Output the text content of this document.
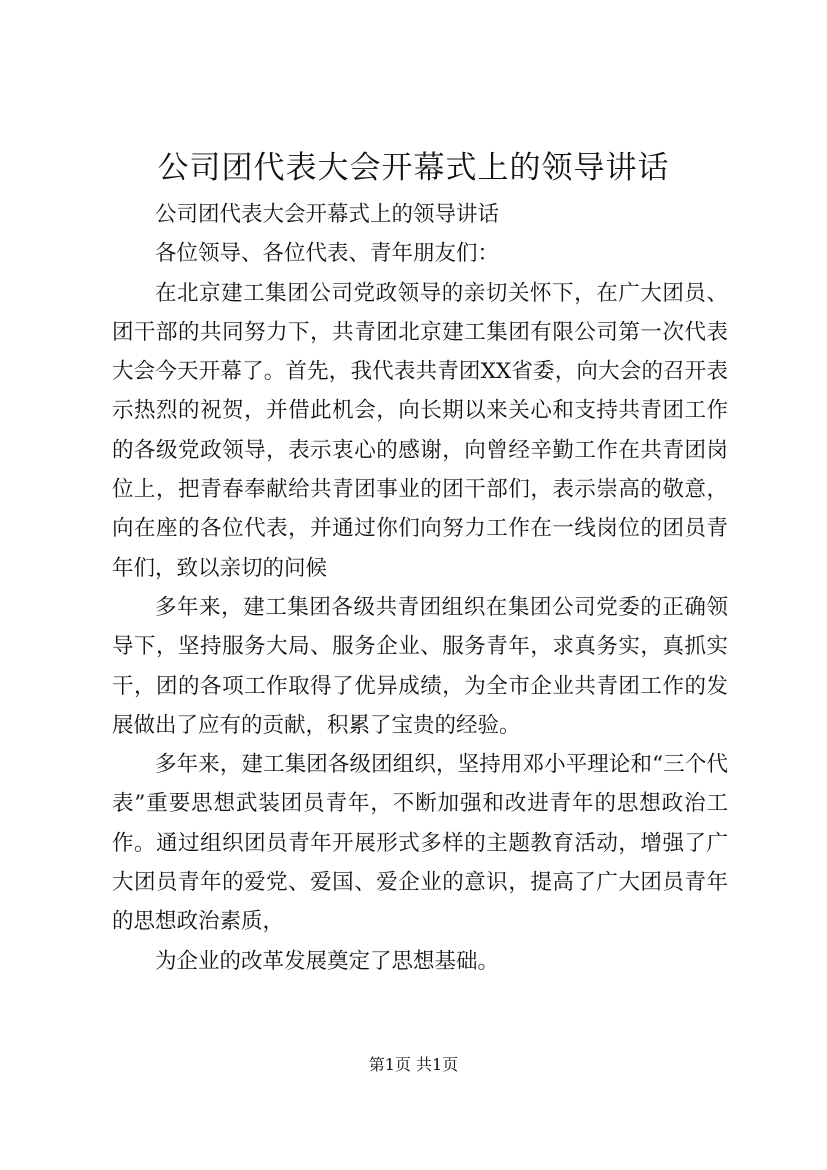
公司团代表大会开幕式上的领导讲话

公司团代表大会开幕式上的领导讲话

各位领导、各位代表、青年朋友们：

在北京建工集团公司党政领导的亲切关怀下，在广大团员、团干部的共同努力下，共青团北京建工集团有限公司第一次代表大会今天开幕了。首先，我代表共青团XX省委，向大会的召开表示热烈的祝贺，并借此机会，向长期以来关心和支持共青团工作的各级党政领导，表示衷心的感谢，向曾经辛勤工作在共青团岗位上，把青春奉献给共青团事业的团干部们，表示崇高的敬意，向在座的各位代表，并通过你们向努力工作在一线岗位的团员青年们，致以亲切的问候

多年来，建工集团各级共青团组织在集团公司党委的正确领导下，坚持服务大局、服务企业、服务青年，求真务实，真抓实干，团的各项工作取得了优异成绩，为全市企业共青团工作的发展做出了应有的贡献，积累了宝贵的经验。

多年来，建工集团各级团组织，坚持用邓小平理论和“三个代表”重要思想武装团员青年，不断加强和改进青年的思想政治工作。通过组织团员青年开展形式多样的主题教育活动，增强了广大团员青年的爱党、爱国、爱企业的意识，提高了广大团员青年的思想政治素质，

为企业的改革发展奠定了思想基础。

第1页 共1页
